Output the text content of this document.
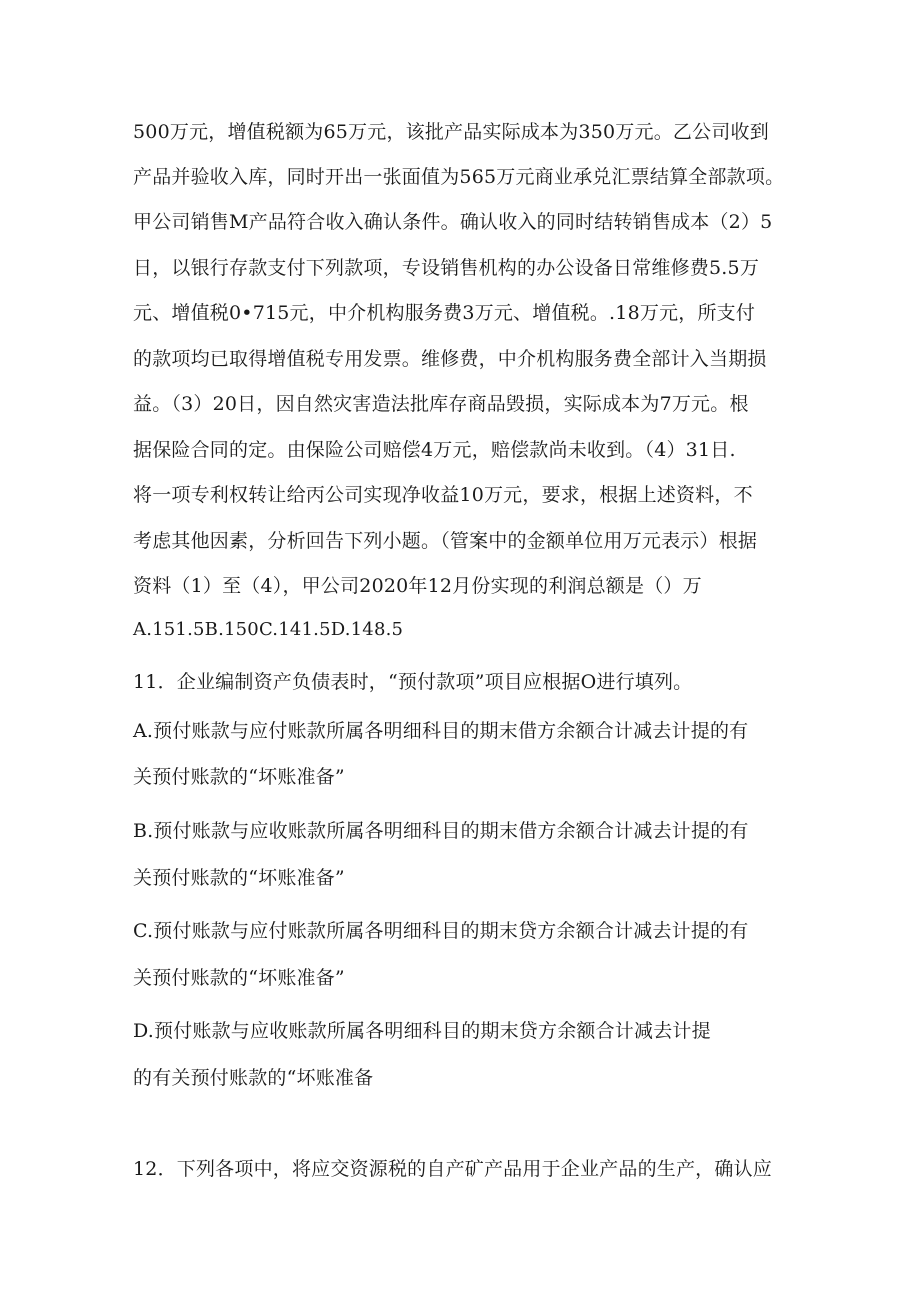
500万元，增值税额为65万元，该批产品实际成本为350万元。乙公司收到
产品并验收入库，同时开出一张面值为565万元商业承兑汇票结算全部款项。
甲公司销售M产品符合收入确认条件。确认收入的同时结转销售成本（2）5
日，以银行存款支付下列款项，专设销售机构的办公设备日常维修费5.5万
元、增值税0•715元，中介机构服务费3万元、增值税。.18万元，所支付
的款项均已取得增值税专用发票。维修费，中介机构服务费全部计入当期损
益。（3）20日，因自然灾害造法批库存商品毁损，实际成本为7万元。根
据保险合同的定。由保险公司赔偿4万元，赔偿款尚未收到。（4）31日.
将一项专利权转让给丙公司实现净收益10万元，要求，根据上述资料，不
考虑其他因素，分析回告下列小题。（管案中的金额单位用万元表示）根据
资料（1）至（4），甲公司2020年12月份实现的利润总额是（）万
A.151.5B.150C.141.5D.148.5
11．企业编制资产负债表时，“预付款项”项目应根据O进行填列。
A.预付账款与应付账款所属各明细科目的期末借方余额合计减去计提的有
关预付账款的“坏账准备”
B.预付账款与应收账款所属各明细科目的期末借方余额合计减去计提的有
关预付账款的“坏账准备”
C.预付账款与应付账款所属各明细科目的期末贷方余额合计减去计提的有
关预付账款的“坏账准备”
D.预付账款与应收账款所属各明细科目的期末贷方余额合计减去计提
的有关预付账款的“坏账准备
12．下列各项中，将应交资源税的自产矿产品用于企业产品的生产，确认应
